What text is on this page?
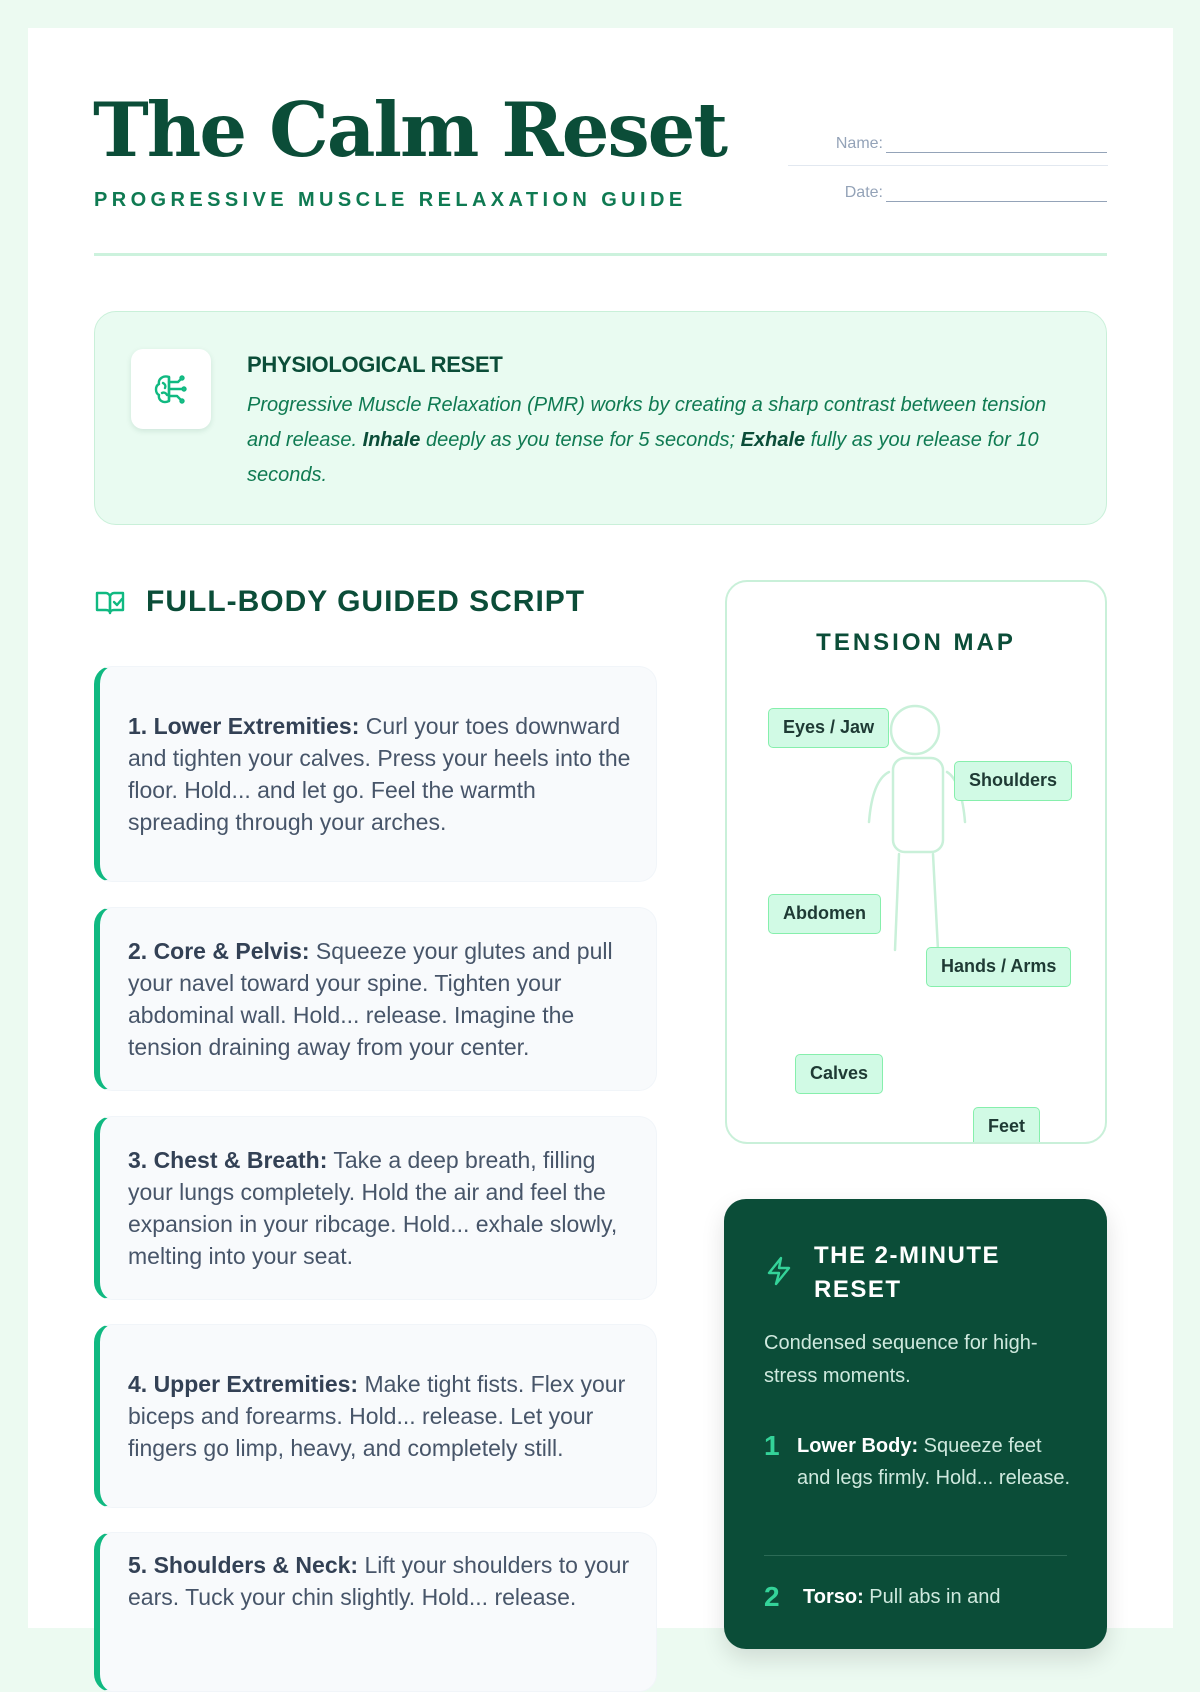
The Calm Reset
PROGRESSIVE MUSCLE RELAXATION GUIDE
Name:
Date:
PHYSIOLOGICAL RESET

Progressive Muscle Relaxation (PMR) works by creating a sharp contrast between tension and release. Inhale deeply as you tense for 5 seconds; Exhale fully as you release for 10 seconds.

FULL-BODY GUIDED SCRIPT

1. Lower Extremities: Curl your toes downward and tighten your calves. Press your heels into the floor. Hold... and let go. Feel the warmth spreading through your arches.

2. Core & Pelvis: Squeeze your glutes and pull your navel toward your spine. Tighten your abdominal wall. Hold... release. Imagine the tension draining away from your center.

3. Chest & Breath: Take a deep breath, filling your lungs completely. Hold the air and feel the expansion in your ribcage. Hold... exhale slowly, melting into your seat.

4. Upper Extremities: Make tight fists. Flex your biceps and forearms. Hold... release. Let your fingers go limp, heavy, and completely still.

5. Shoulders & Neck: Lift your shoulders to your ears. Tuck your chin slightly. Hold... release.

TENSION MAP
Eyes / Jaw
Shoulders
Abdomen
Hands / Arms
Calves
Feet
THE 2-MINUTE RESET
Condensed sequence for high-stress moments.
1 Lower Body: Squeeze feet and legs firmly. Hold... release.

2 Torso: Pull abs in and
